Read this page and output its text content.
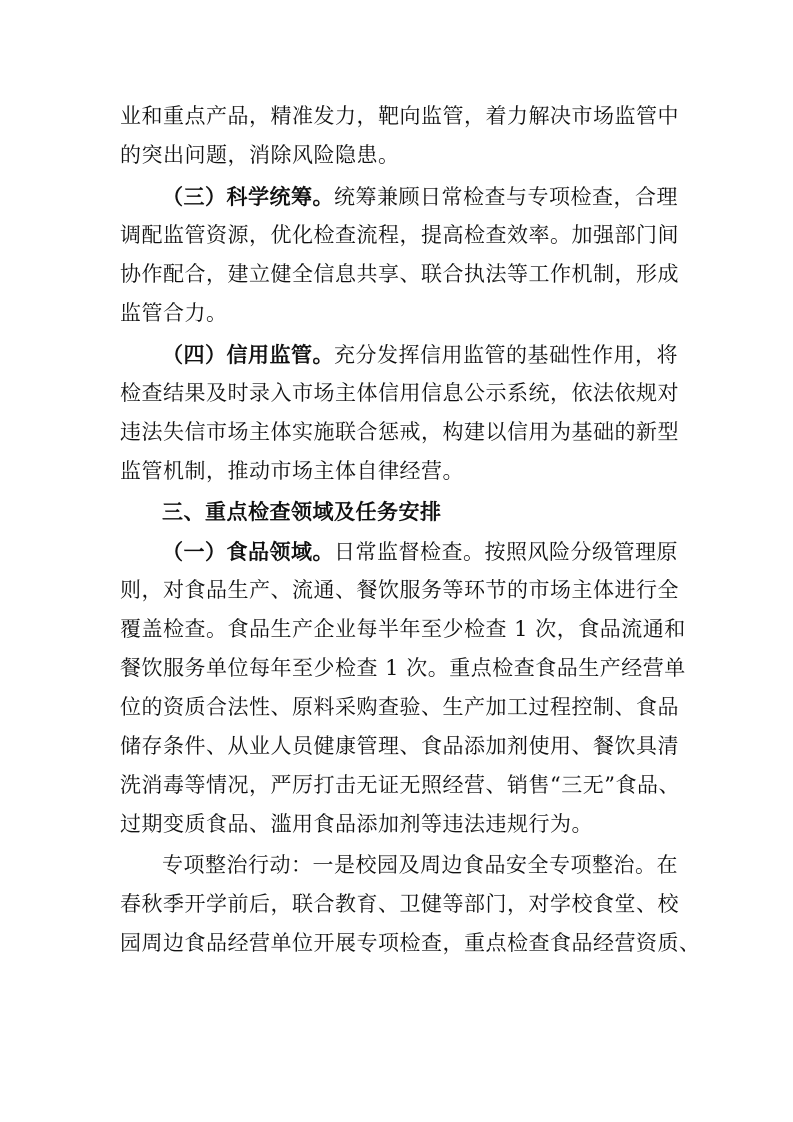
业和重点产品，精准发力，靶向监管，着力解决市场监管中
的突出问题，消除风险隐患。
（三）科学统筹。统筹兼顾日常检查与专项检查，合理
调配监管资源，优化检查流程，提高检查效率。加强部门间
协作配合，建立健全信息共享、联合执法等工作机制，形成
监管合力。
（四）信用监管。充分发挥信用监管的基础性作用，将
检查结果及时录入市场主体信用信息公示系统，依法依规对
违法失信市场主体实施联合惩戒，构建以信用为基础的新型
监管机制，推动市场主体自律经营。
三、重点检查领域及任务安排
（一）食品领域。日常监督检查。按照风险分级管理原
则，对食品生产、流通、餐饮服务等环节的市场主体进行全
覆盖检查。食品生产企业每半年至少检查 1 次，食品流通和
餐饮服务单位每年至少检查 1 次。重点检查食品生产经营单
位的资质合法性、原料采购查验、生产加工过程控制、食品
储存条件、从业人员健康管理、食品添加剂使用、餐饮具清
洗消毒等情况，严厉打击无证无照经营、销售“三无”食品、
过期变质食品、滥用食品添加剂等违法违规行为。
专项整治行动：一是校园及周边食品安全专项整治。在
春秋季开学前后，联合教育、卫健等部门，对学校食堂、校
园周边食品经营单位开展专项检查，重点检查食品经营资质、
